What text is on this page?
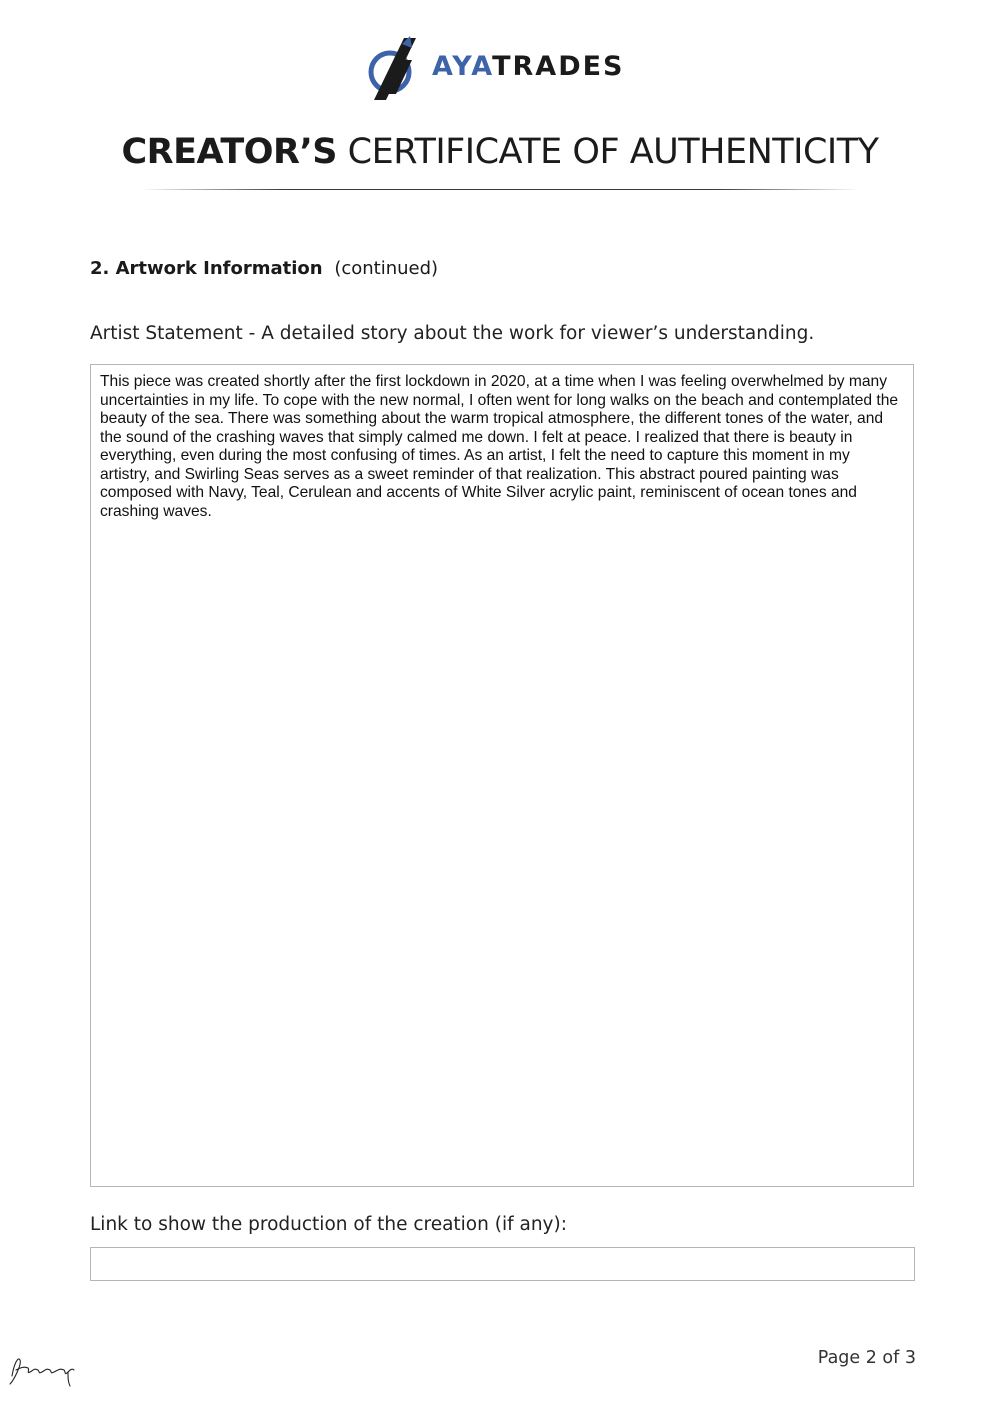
AYATRADES
CREATOR’S CERTIFICATE OF AUTHENTICITY
2. Artwork Information (continued)
Artist Statement - A detailed story about the work for viewer’s understanding.

This piece was created shortly after the first lockdown in 2020, at a time when I was feeling overwhelmed by many uncertainties in my life. To cope with the new normal, I often went for long walks on the beach and contemplated the beauty of the sea. There was something about the warm tropical atmosphere, the different tones of the water, and the sound of the crashing waves that simply calmed me down. I felt at peace. I realized that there is beauty in everything, even during the most confusing of times. As an artist, I felt the need to capture this moment in my artistry, and Swirling Seas serves as a sweet reminder of that realization. This abstract poured painting was composed with Navy, Teal, Cerulean and accents of White Silver acrylic paint, reminiscent of ocean tones and crashing waves.

Link to show the production of the creation (if any):
Page 2 of 3
